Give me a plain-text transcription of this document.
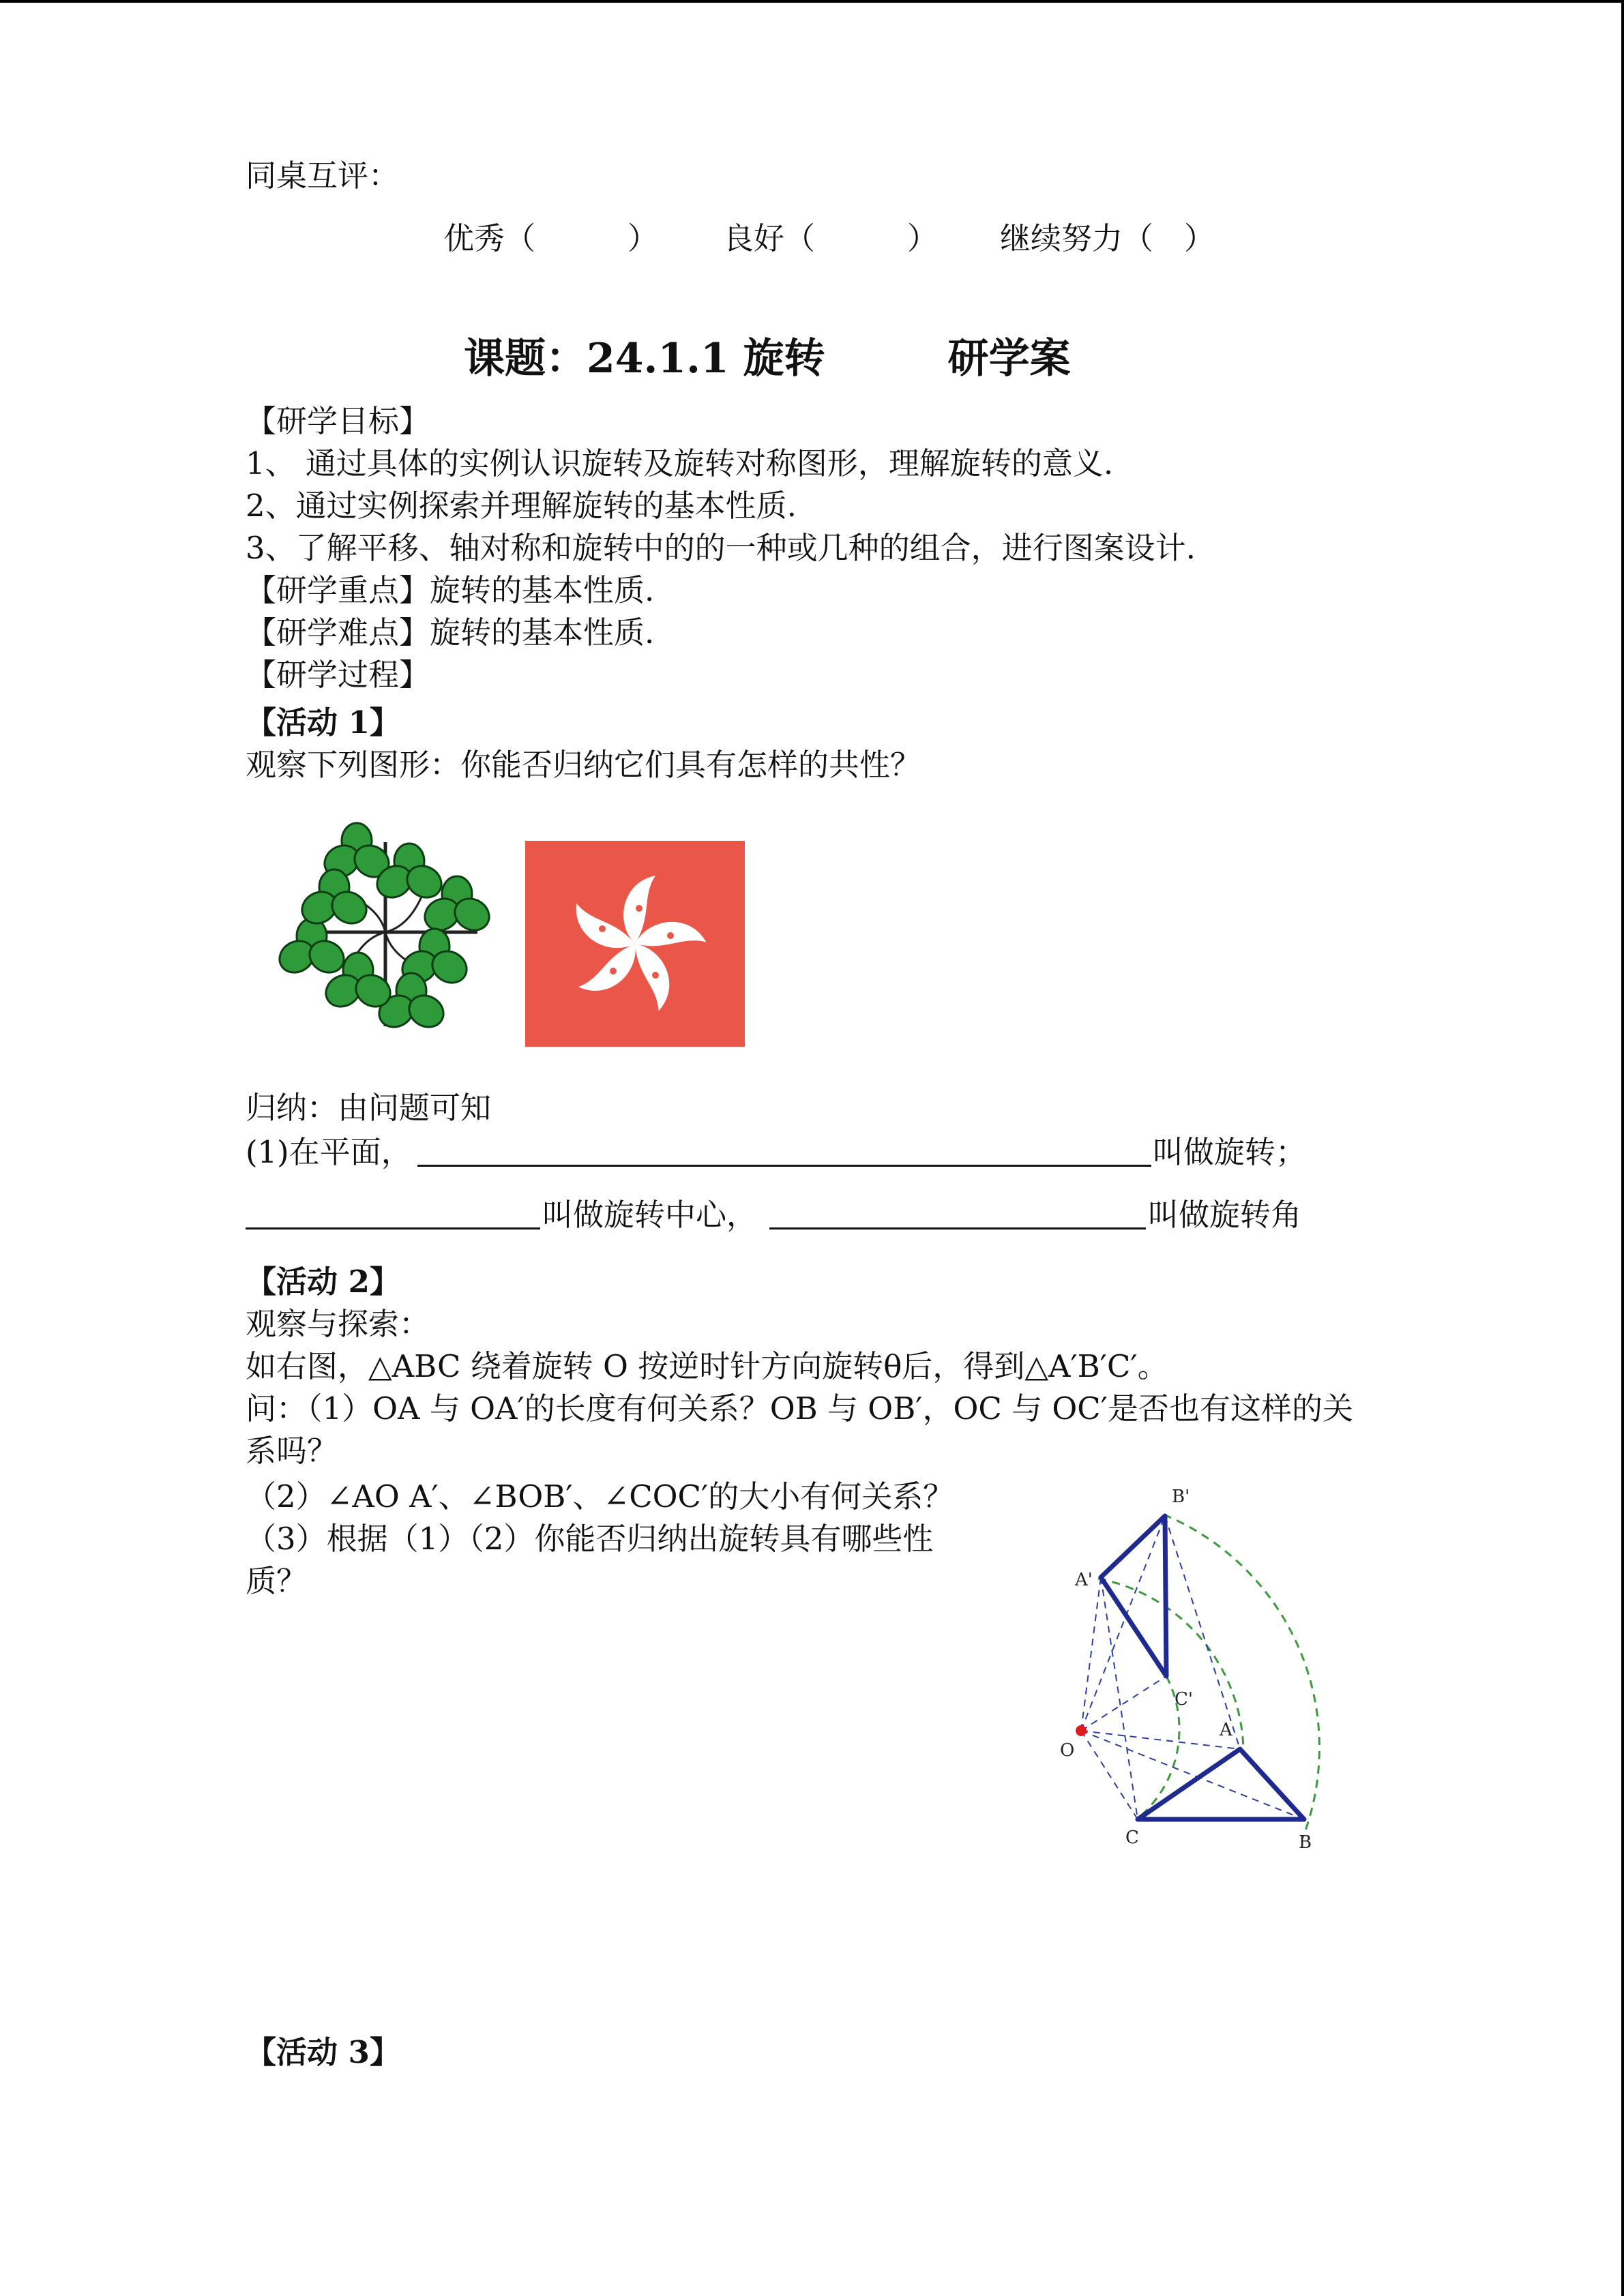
同桌互评：
优秀（　　　） 良好（　　　） 继续努力（　）
课题：24.1.1 旋转　　　研学案
【研学目标】
1、 通过具体的实例认识旋转及旋转对称图形，理解旋转的意义.
2、通过实例探索并理解旋转的基本性质.
3、了解平移、轴对称和旋转中的的一种或几种的组合，进行图案设计.
【研学重点】旋转的基本性质.
【研学难点】旋转的基本性质.
【研学过程】
【活动 1】
观察下列图形：你能否归纳它们具有怎样的共性？
归纳：由问题可知
(1)在平面，	叫做旋转；
叫做旋转中心，	叫做旋转角
【活动 2】
观察与探索：
如右图，△ABC 绕着旋转 O 按逆时针方向旋转θ后，得到△A′B′C′。
问：（1）OA 与 OA′的长度有何关系？OB 与 OB′，OC 与 OC′是否也有这样的关
系吗？
（2）∠AO A′、∠BOB′、∠COC′的大小有何关系？
（3）根据（1）（2）你能否归纳出旋转具有哪些性
质？
B'
A'
C'
O
A
C	B
【活动 3】
